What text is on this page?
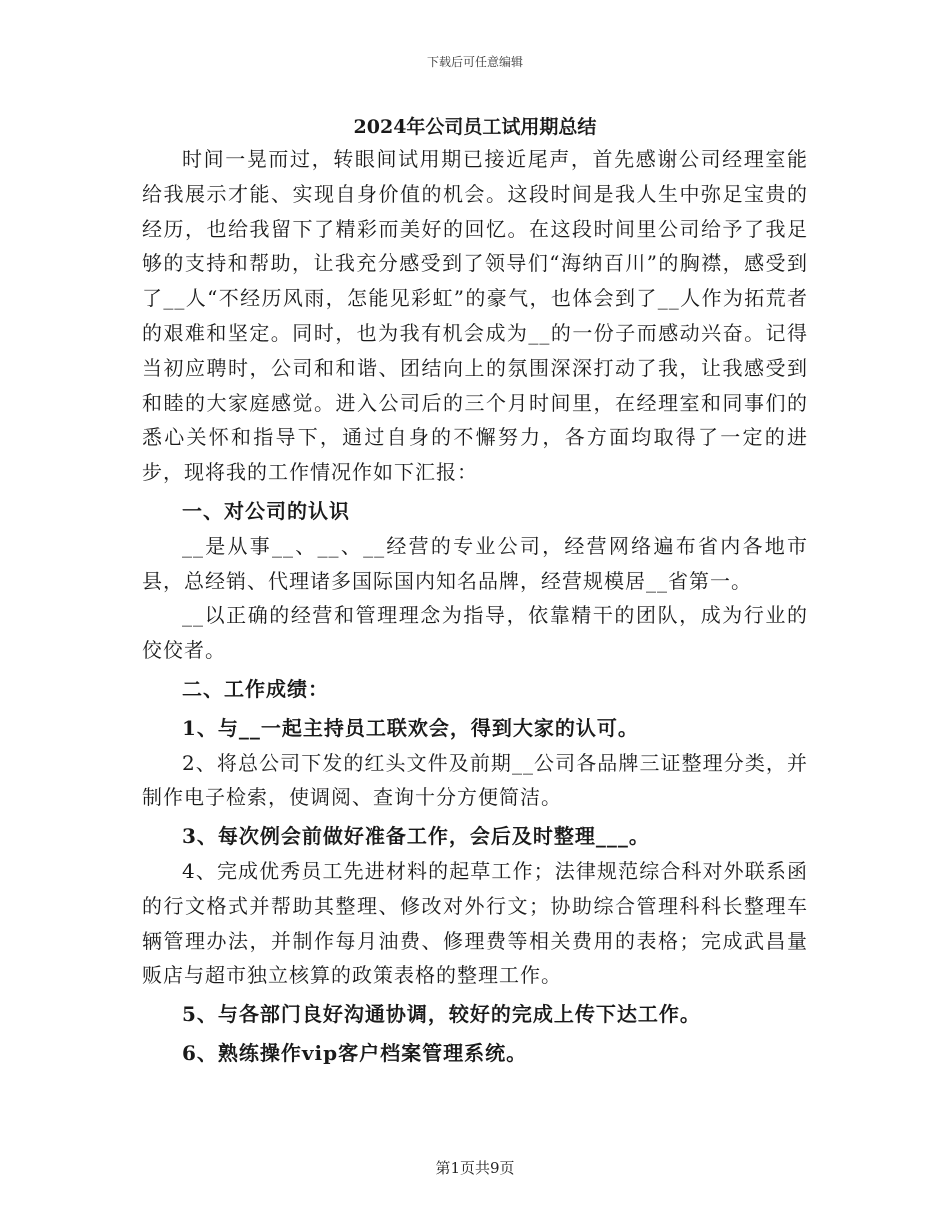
下载后可任意编辑
2024年公司员工试用期总结

时间一晃而过，转眼间试用期已接近尾声，首先感谢公司经理室能给我展示才能、实现自身价值的机会。这段时间是我人生中弥足宝贵的经历，也给我留下了精彩而美好的回忆。在这段时间里公司给予了我足够的支持和帮助，让我充分感受到了领导们“海纳百川”的胸襟，感受到了__人“不经历风雨，怎能见彩虹”的豪气，也体会到了__人作为拓荒者的艰难和坚定。同时，也为我有机会成为__的一份子而感动兴奋。记得当初应聘时，公司和和谐、团结向上的氛围深深打动了我，让我感受到和睦的大家庭感觉。进入公司后的三个月时间里，在经理室和同事们的悉心关怀和指导下，通过自身的不懈努力，各方面均取得了一定的进步，现将我的工作情况作如下汇报：

一、对公司的认识

__是从事__、__、__经营的专业公司，经营网络遍布省内各地市县，总经销、代理诸多国际国内知名品牌，经营规模居__省第一。

__以正确的经营和管理理念为指导，依靠精干的团队，成为行业的佼佼者。

二、工作成绩：

1、与__一起主持员工联欢会，得到大家的认可。

2、将总公司下发的红头文件及前期__公司各品牌三证整理分类，并制作电子检索，使调阅、查询十分方便简洁。

3、每次例会前做好准备工作，会后及时整理___。

4、完成优秀员工先进材料的起草工作；法律规范综合科对外联系函的行文格式并帮助其整理、修改对外行文；协助综合管理科科长整理车辆管理办法，并制作每月油费、修理费等相关费用的表格；完成武昌量贩店与超市独立核算的政策表格的整理工作。

5、与各部门良好沟通协调，较好的完成上传下达工作。

6、熟练操作vip客户档案管理系统。

第1页共9页
